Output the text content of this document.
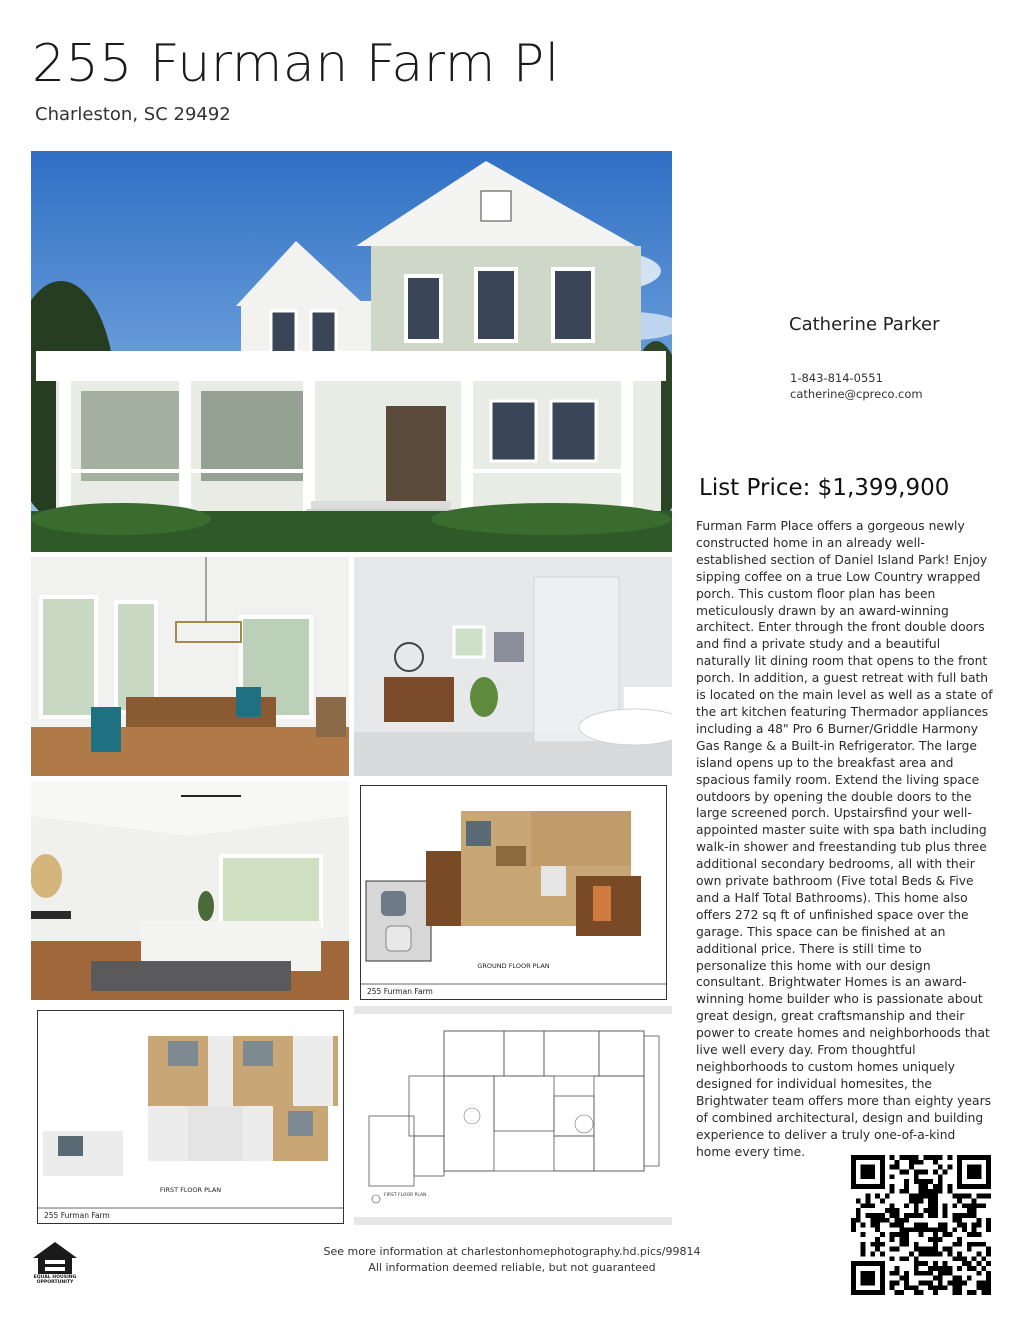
255 Furman Farm Pl
Charleston, SC 29492
GROUND FLOOR PLAN
255 Furman Farm
FIRST FLOOR PLAN
255 Furman Farm
FIRST FLOOR PLAN
Catherine Parker
1-843-814-0551
catherine@cpreco.com
List Price: $1,399,900
Furman Farm Place offers a gorgeous newly constructed home in an already well-established section of Daniel Island Park! Enjoy sipping coffee on a true Low Country wrapped porch. This custom floor plan has been meticulously drawn by an award-winning architect. Enter through the front double doors and find a private study and a beautiful naturally lit dining room that opens to the front porch. In addition, a guest retreat with full bath is located on the main level as well as a state of the art kitchen featuring Thermador appliances including a 48" Pro 6 Burner/Griddle Harmony Gas Range & a Built-in Refrigerator. The large island opens up to the breakfast area and spacious family room. Extend the living space outdoors by opening the double doors to the large screened porch. Upstairsfind your well-appointed master suite with spa bath including walk-in shower and freestanding tub plus three additional secondary bedrooms, all with their own private bathroom (Five total Beds & Five and a Half Total Bathrooms). This home also offers 272 sq ft of unfinished space over the garage. This space can be finished at an additional price. There is still time to personalize this home with our design consultant. Brightwater Homes is an award-winning home builder who is passionate about great design, great craftsmanship and their power to create homes and neighborhoods that live well every day. From thoughtful neighborhoods to custom homes uniquely designed for individual homesites, the Brightwater team offers more than eighty years of combined architectural, design and building experience to deliver a truly one-of-a-kind home every time.
EQUAL HOUSING OPPORTUNITY
See more information at charlestonhomephotography.hd.pics/99814
All information deemed reliable, but not guaranteed
